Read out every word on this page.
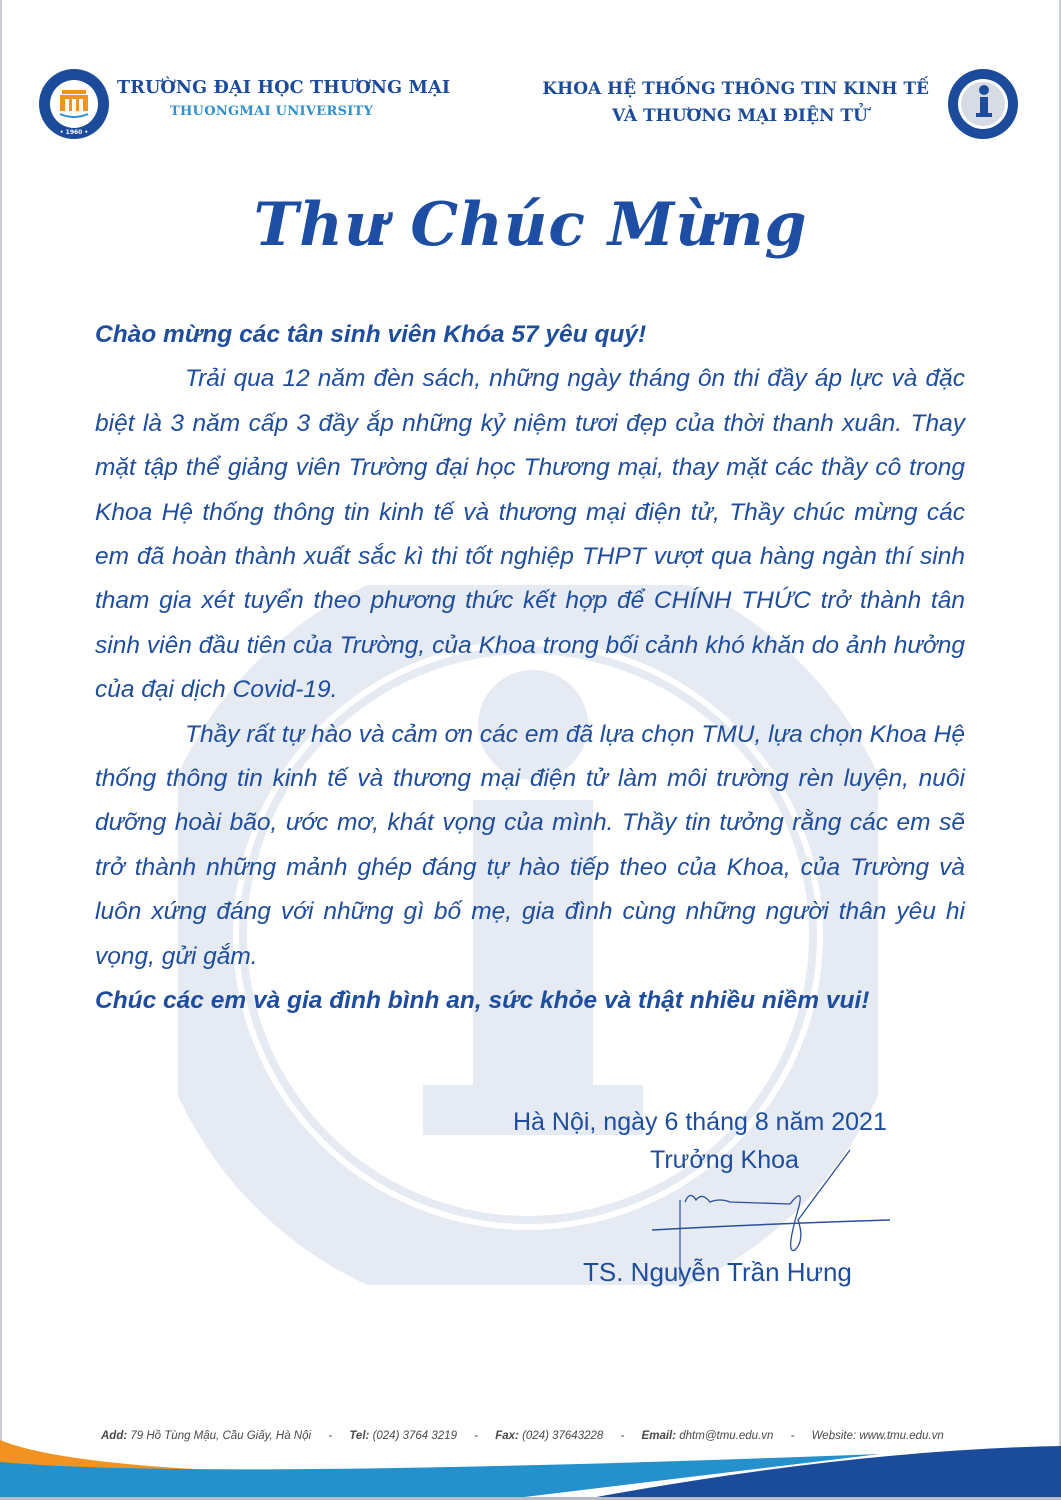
• 1960 •
TRƯỜNG ĐẠI HỌC THƯƠNG MẠI
THUONGMAI UNIVERSITY
KHOA HỆ THỐNG THÔNG TIN KINH TẾ
VÀ THƯƠNG MẠI ĐIỆN TỬ
Thư Chúc Mừng

Chào mừng các tân sinh viên Khóa 57 yêu quý!

Trải qua 12 năm đèn sách, những ngày tháng ôn thi đầy áp lực và đặc biệt là 3 năm cấp 3 đầy ắp những kỷ niệm tươi đẹp của thời thanh xuân. Thay mặt tập thể giảng viên Trường đại học Thương mại, thay mặt các thầy cô trong Khoa Hệ thống thông tin kinh tế và thương mại điện tử, Thầy chúc mừng các em đã hoàn thành xuất sắc kì thi tốt nghiệp THPT vượt qua hàng ngàn thí sinh tham gia xét tuyển theo phương thức kết hợp để CHÍNH THỨC trở thành tân sinh viên đầu tiên của Trường, của Khoa trong bối cảnh khó khăn do ảnh hưởng của đại dịch Covid-19.

Thầy rất tự hào và cảm ơn các em đã lựa chọn TMU, lựa chọn Khoa Hệ thống thông tin kinh tế và thương mại điện tử làm môi trường rèn luyện, nuôi dưỡng hoài bão, ước mơ, khát vọng của mình. Thầy tin tưởng rằng các em sẽ trở thành những mảnh ghép đáng tự hào tiếp theo của Khoa, của Trường và luôn xứng đáng với những gì bố mẹ, gia đình cùng những người thân yêu hi vọng, gửi gắm.

Chúc các em và gia đình bình an, sức khỏe và thật nhiều niềm vui!

Hà Nội, ngày 6 tháng 8 năm 2021
Trưởng Khoa
TS. Nguyễn Trần Hưng
Add: 79 Hồ Tùng Mậu, Cầu Giấy, Hà Nội - Tel: (024) 3764 3219 - Fax: (024) 37643228 - Email: dhtm@tmu.edu.vn - Website: www.tmu.edu.vn
